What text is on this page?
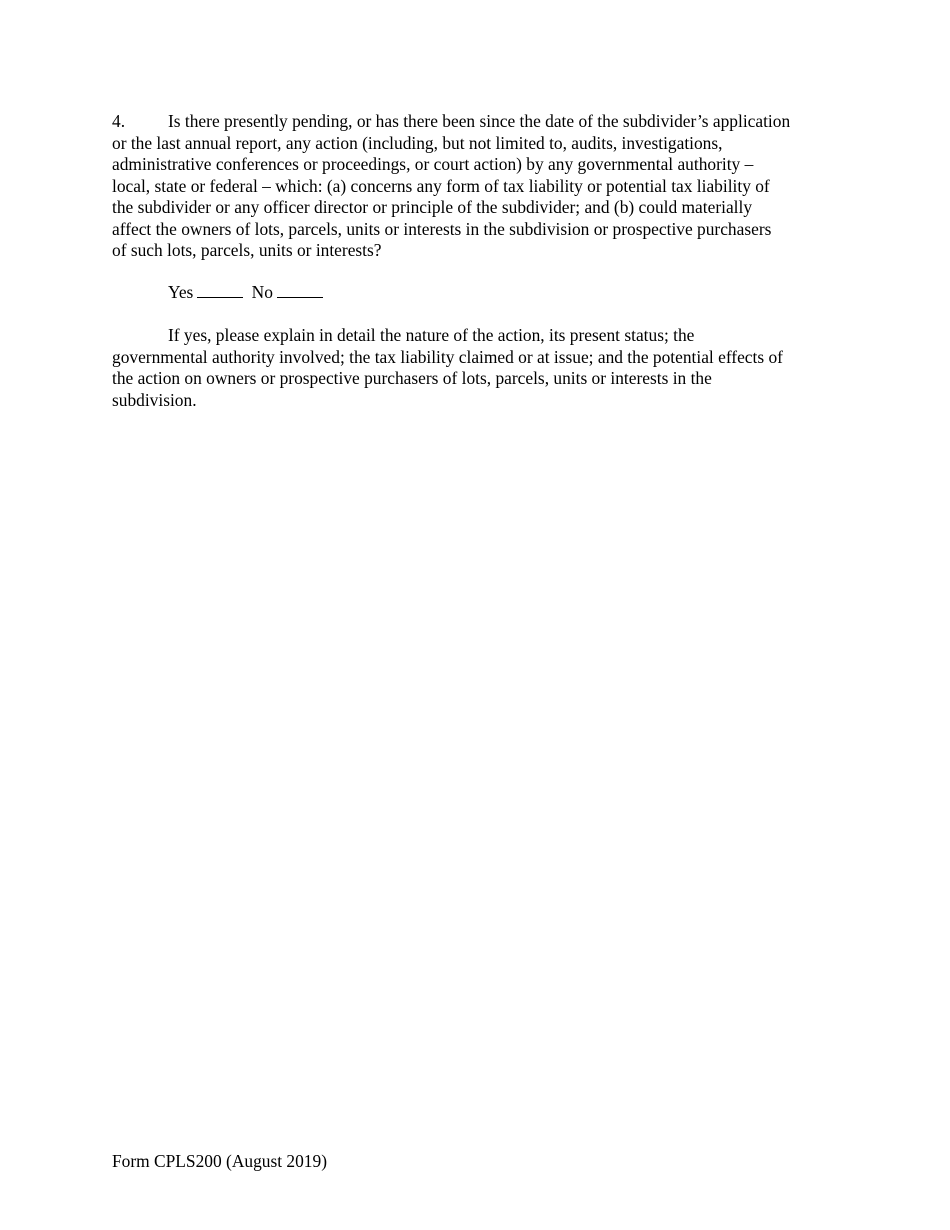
4. Is there presently pending, or has there been since the date of the subdivider’s application
or the last annual report, any action (including, but not limited to, audits, investigations,
administrative conferences or proceedings, or court action) by any governmental authority –
local, state or federal – which: (a) concerns any form of tax liability or potential tax liability of
the subdivider or any officer director or principle of the subdivider; and (b) could materially
affect the owners of lots, parcels, units or interests in the subdivision or prospective purchasers
of such lots, parcels, units or interests?
Yes	No
If yes, please explain in detail the nature of the action, its present status; the
governmental authority involved; the tax liability claimed or at issue; and the potential effects of
the action on owners or prospective purchasers of lots, parcels, units or interests in the
subdivision.
Form CPLS200 (August 2019)
